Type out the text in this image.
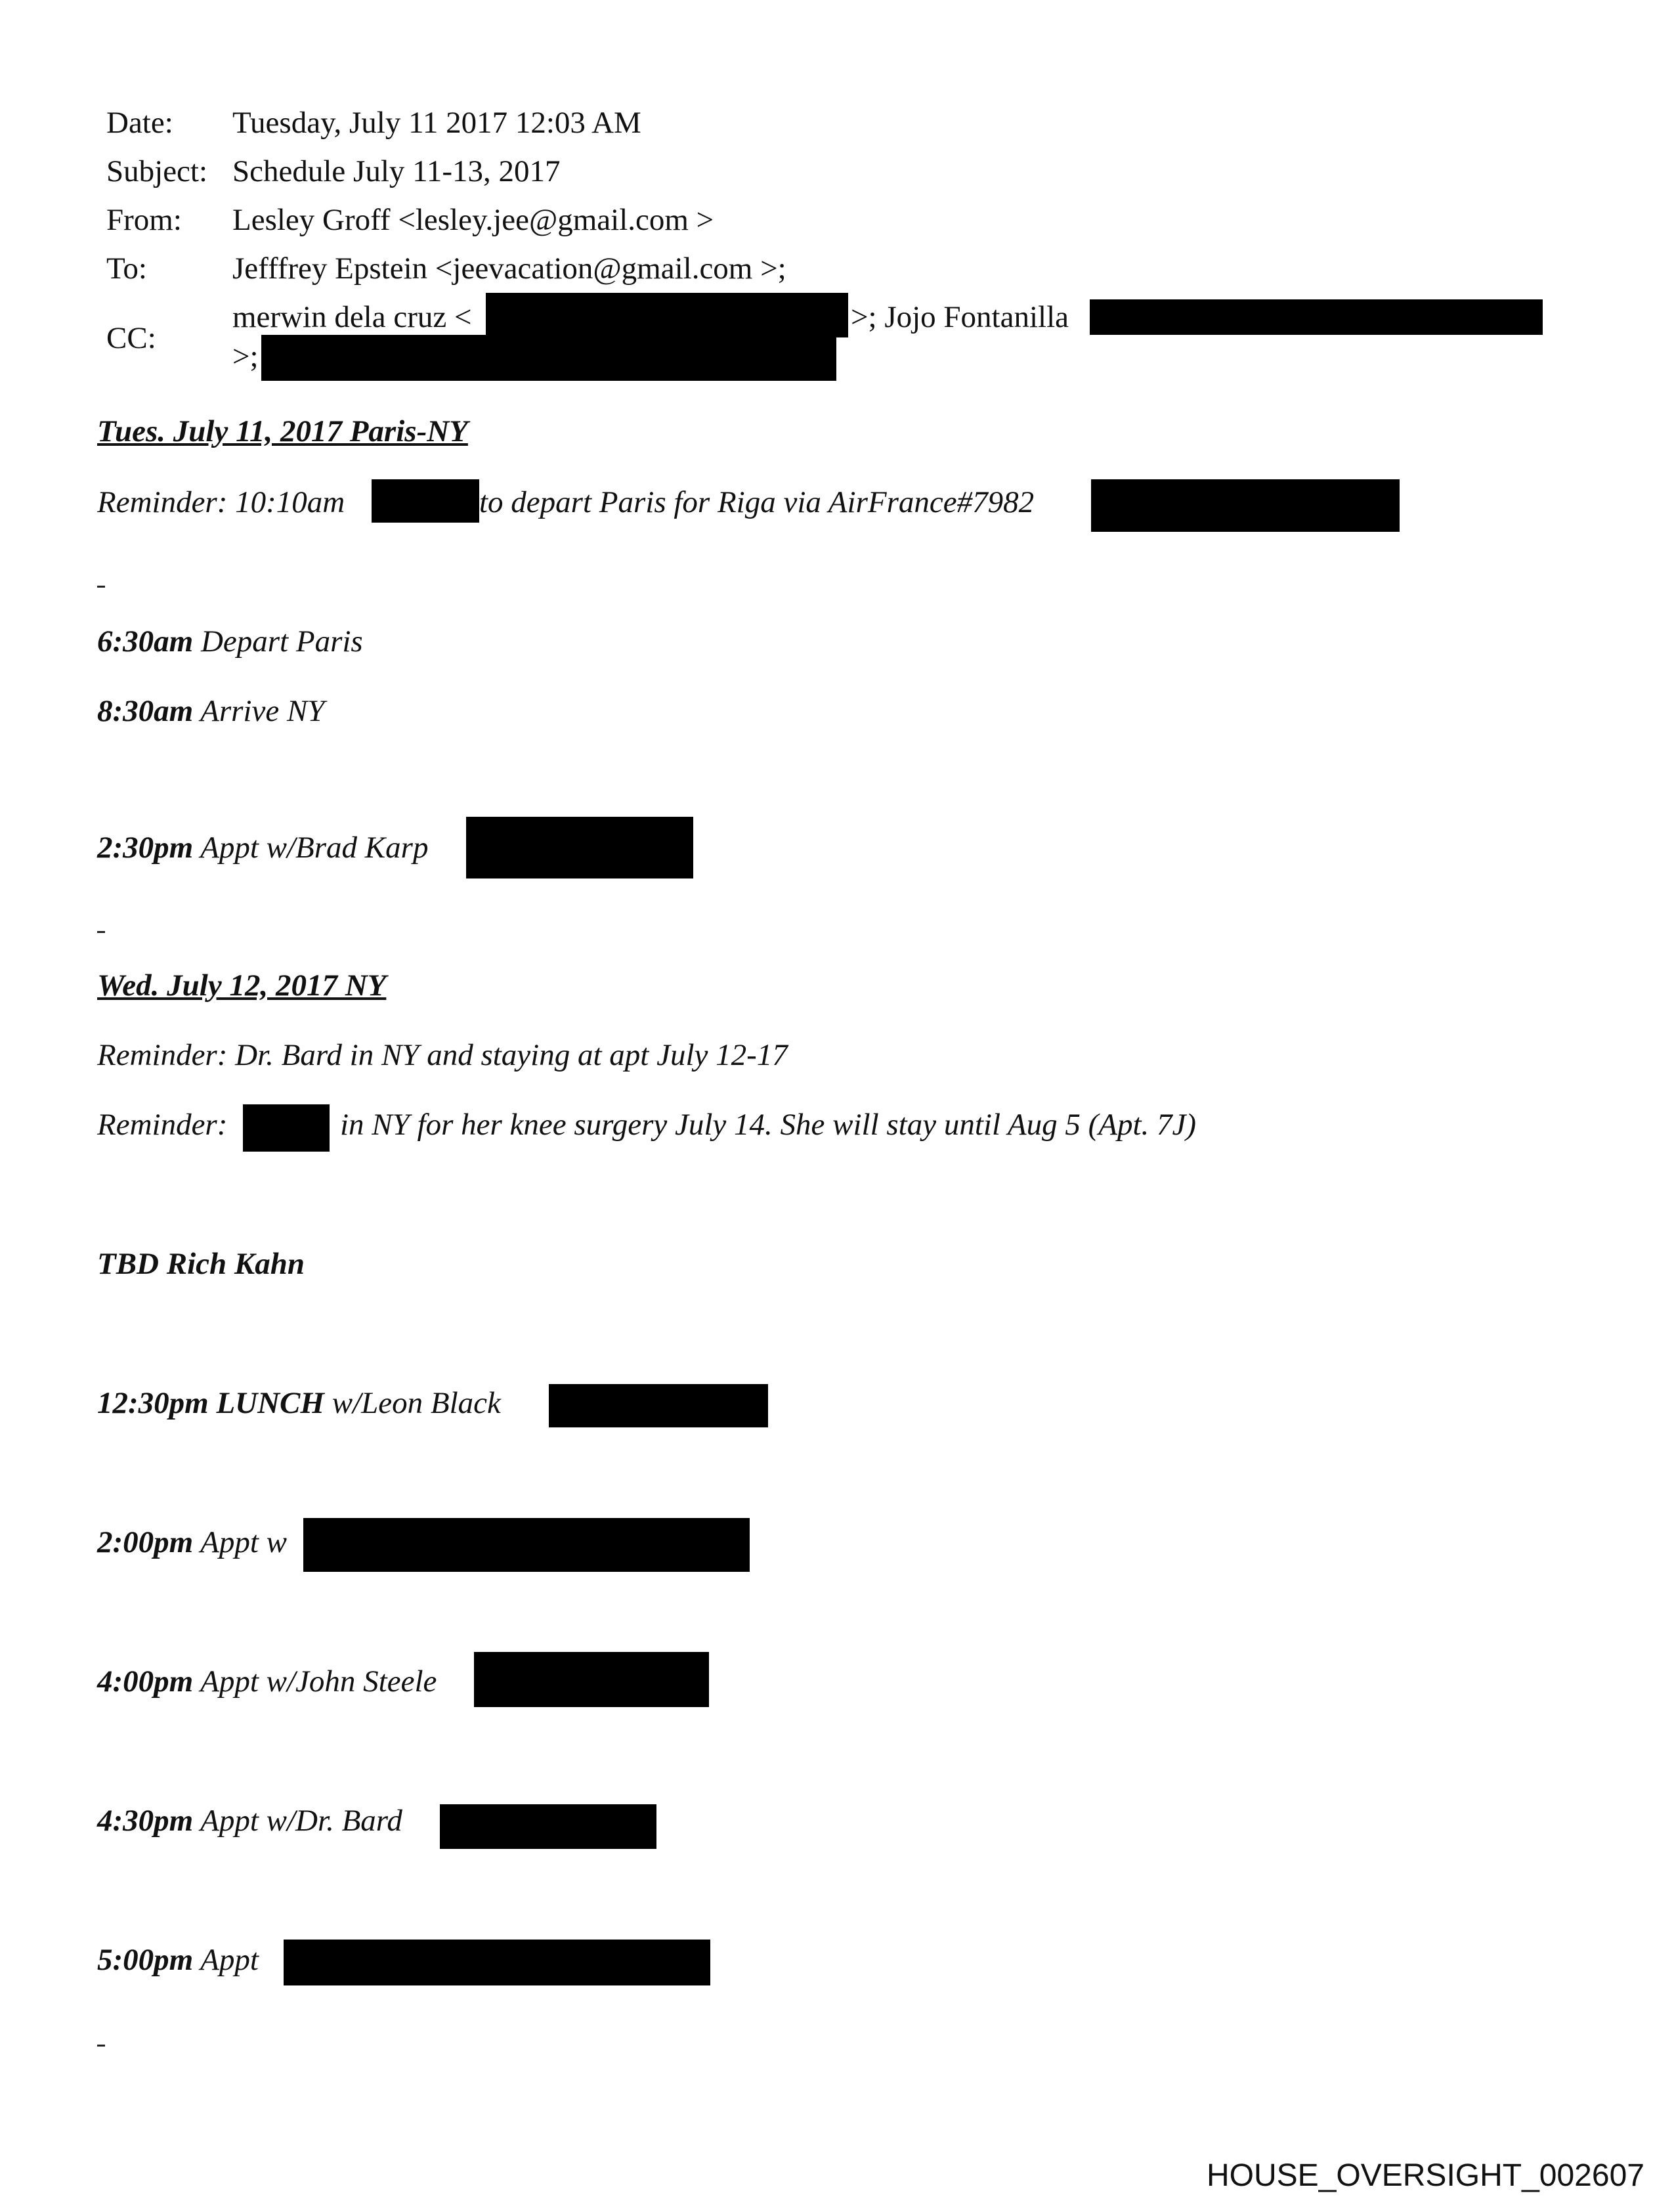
Date: Tuesday, July 11 2017 12:03 AM
Subject: Schedule July 11-13, 2017
From: Lesley Groff <lesley.jee@gmail.com >
To:	Jefffrey Epstein <jeevacation@gmail.com >;
CC:
merwin dela cruz <	>; Jojo Fontanilla
>;
Tues. July 11, 2017 Paris-NY
Reminder: 10:10am	to depart Paris for Riga via AirFrance#7982
6:30am Depart Paris
8:30am Arrive NY
2:30pm Appt w/Brad Karp
Wed. July 12, 2017 NY
Reminder: Dr. Bard in NY and staying at apt July 12-17
Reminder:	in NY for her knee surgery July 14. She will stay until Aug 5 (Apt. 7J)
TBD Rich Kahn
12:30pm LUNCH w/Leon Black
2:00pm Appt w
4:00pm Appt w/John Steele
4:30pm Appt w/Dr. Bard
5:00pm Appt
HOUSE_OVERSIGHT_002607
